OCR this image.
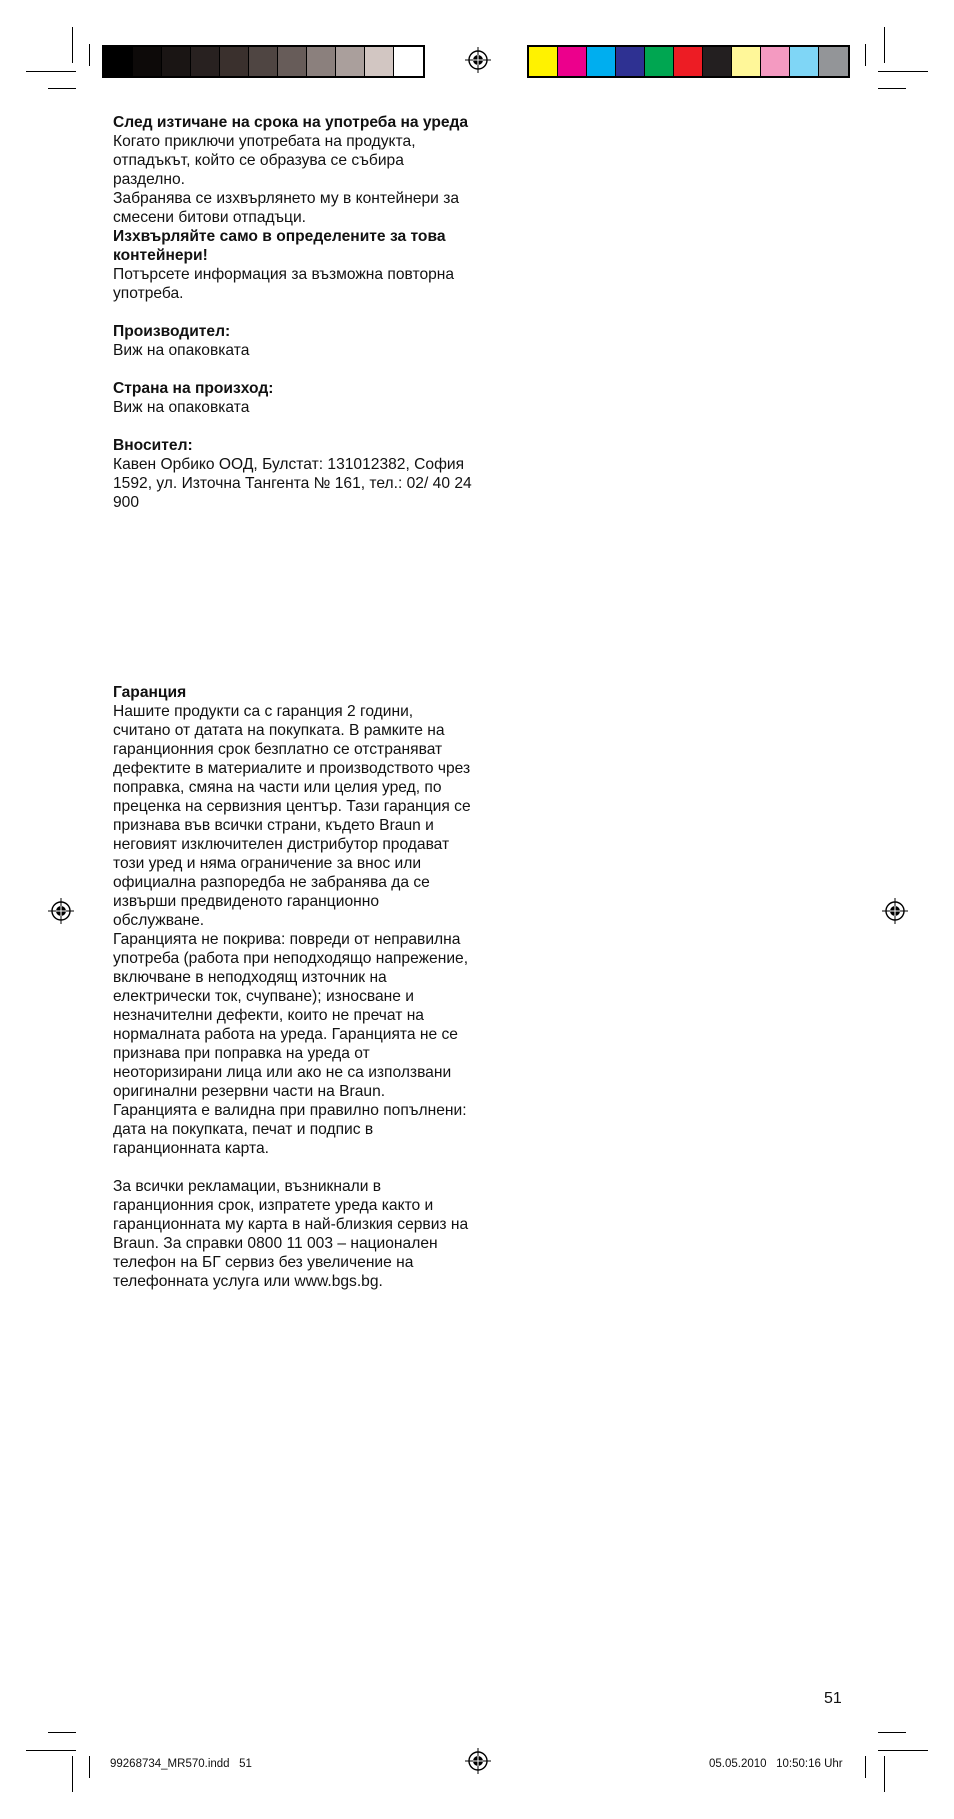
След изтичане на срока на употреба на уреда

Когато приключи употребата на продукта, отпадъкът, който се образува се събира разделно.

Забранява се изхвърлянето му в контейнери за смесени битови отпадъци.

Изхвърляйте само в определените за това контейнери!

Потърсете информация за възможна повторна употреба.

Производител:

Виж на опаковката

Страна на произход:

Виж на опаковката

Вносител:

Кавен Орбико ООД, Булстат: 131012382, София 1592, ул. Източна Тангента № 161, тел.: 02/ 40 24 900

Гаранция

Нашите продукти са с гаранция 2 години, считано от датата на покупката. В рамките на гаранционния срок безплатно се отстраняват дефектите в материалите и производството чрез поправка, смяна на части или целия уред, по преценка на сервизния център. Тази гаранция се признава във всички страни, където Braun и неговият изключителен дистрибутор продават този уред и няма ограничение за внос или официална разпоредба не забранява да се извърши предвиденото гаранционно обслужване.

Гаранцията не покрива: повреди от неправилна употреба (работа при неподходящо напрежение, включване в неподходящ източник на електрически ток, счупване); износване и незначителни дефекти, които не пречат на нормалната работа на уреда. Гаранцията не се признава при поправка на уреда от неоторизирани лица или ако не са използвани оригинални резервни части на Braun.

Гаранцията е валидна при правилно попълнени: дата на покупката, печат и подпис в гаранционната карта.

За всички рекламации, възникнали в гаранционния срок, изпратете уреда както и гаранционната му карта в най-близкия сервиз на Braun. За справки 0800 11 003 – национален телефон на БГ сервиз без увеличение на телефонната услуга или www.bgs.bg.

51
99268734_MR570.indd   51	05.05.2010   10:50:16 Uhr
